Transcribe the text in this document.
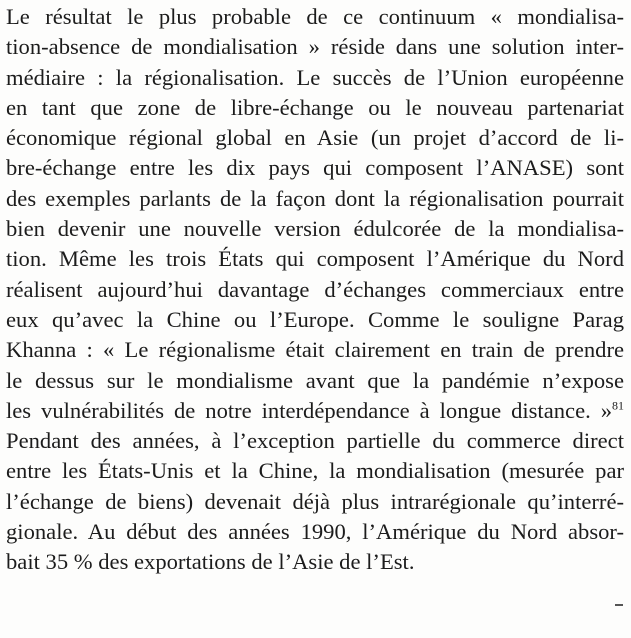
Le résultat le plus probable de ce continuum « mondialisa-
tion-absence de mondialisation » réside dans une solution inter-
médiaire : la régionalisation. Le succès de l’Union européenne
en tant que zone de libre-échange ou le nouveau partenariat
économique régional global en Asie (un projet d’accord de li-
bre-échange entre les dix pays qui composent l’ANASE) sont
des exemples parlants de la façon dont la régionalisation pourrait
bien devenir une nouvelle version édulcorée de la mondialisa-
tion. Même les trois États qui composent l’Amérique du Nord
réalisent aujourd’hui davantage d’échanges commerciaux entre
eux qu’avec la Chine ou l’Europe. Comme le souligne Parag
Khanna : « Le régionalisme était clairement en train de prendre
le dessus sur le mondialisme avant que la pandémie n’expose
les vulnérabilités de notre interdépendance à longue distance. »$^{81}$
Pendant des années, à l’exception partielle du commerce direct
entre les États-Unis et la Chine, la mondialisation (mesurée par
l’échange de biens) devenait déjà plus intrarégionale qu’interré-
gionale. Au début des années 1990, l’Amérique du Nord absor-
bait 35 % des exportations de l’Asie de l’Est.
